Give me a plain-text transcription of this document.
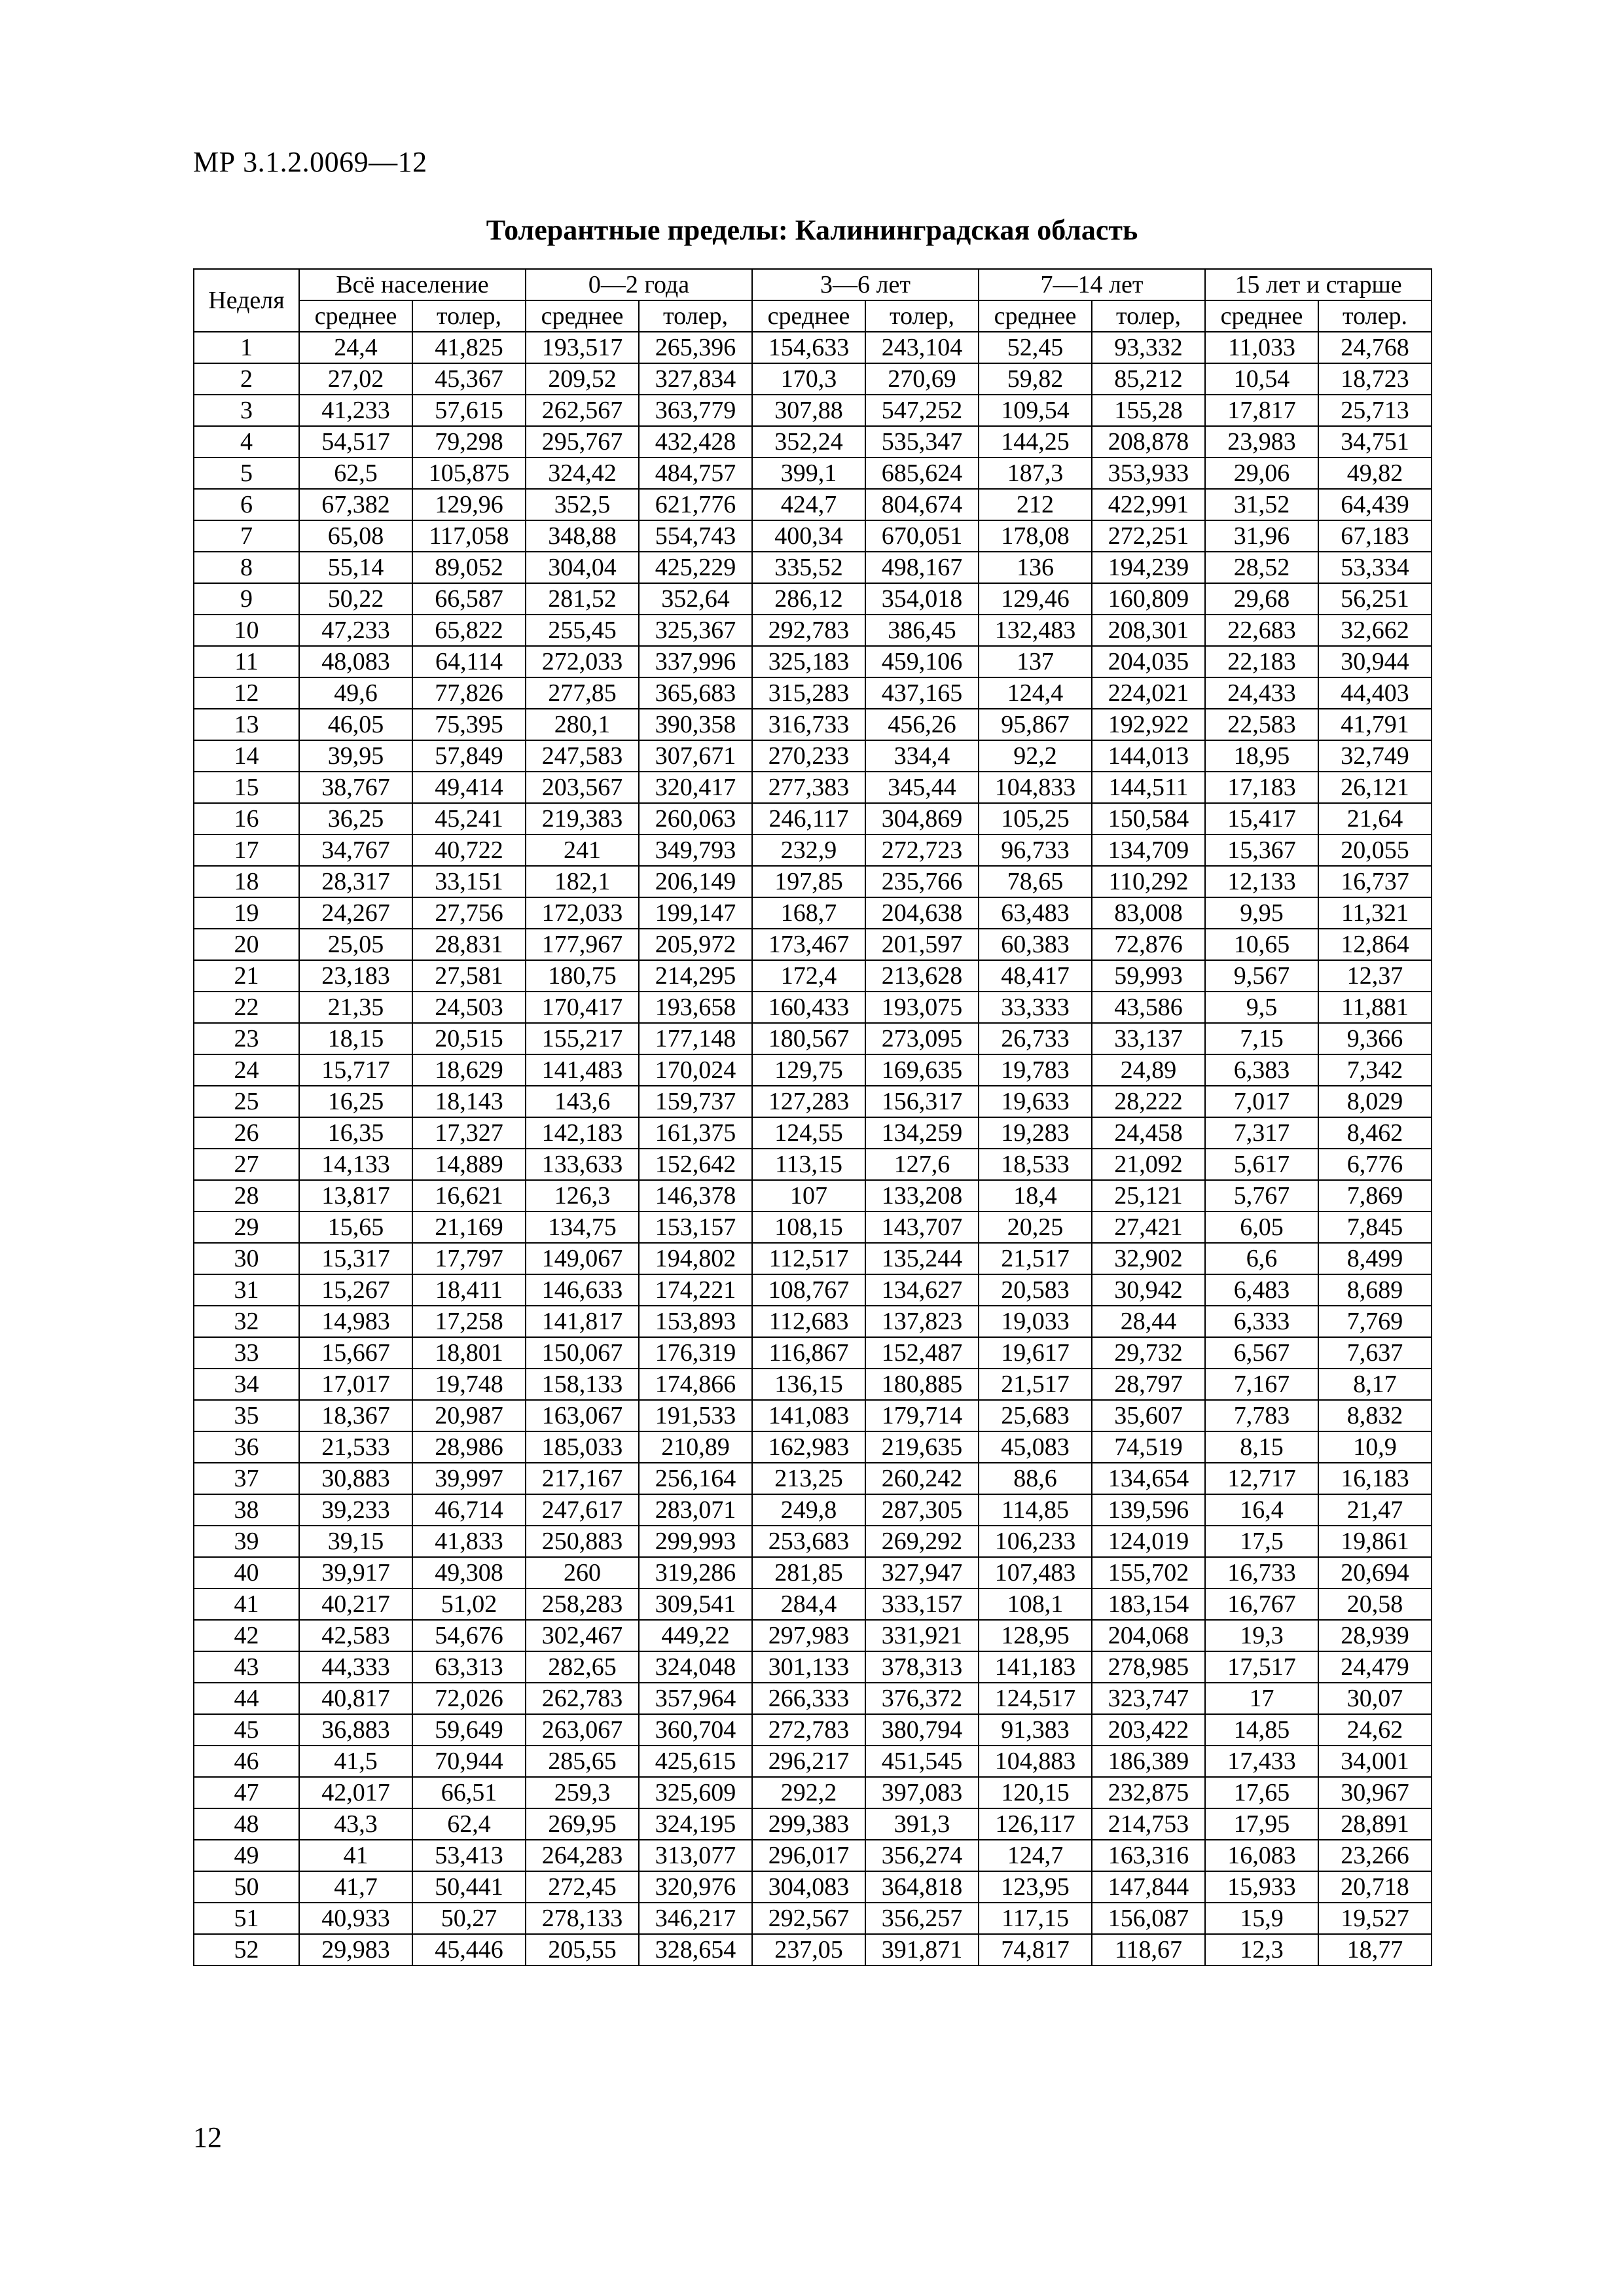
МР 3.1.2.0069—12
Толерантные пределы: Калининградская область
Неделя	Всё население		0—2 года		3—6 лет		7—14 лет		15 лет и старше	
	среднее	толер,	среднее	толер,	среднее	толер,	среднее	толер,	среднее	толер.
1	24,4	41,825	193,517	265,396	154,633	243,104	52,45	93,332	11,033	24,768
2	27,02	45,367	209,52	327,834	170,3	270,69	59,82	85,212	10,54	18,723
3	41,233	57,615	262,567	363,779	307,88	547,252	109,54	155,28	17,817	25,713
4	54,517	79,298	295,767	432,428	352,24	535,347	144,25	208,878	23,983	34,751
5	62,5	105,875	324,42	484,757	399,1	685,624	187,3	353,933	29,06	49,82
6	67,382	129,96	352,5	621,776	424,7	804,674	212	422,991	31,52	64,439
7	65,08	117,058	348,88	554,743	400,34	670,051	178,08	272,251	31,96	67,183
8	55,14	89,052	304,04	425,229	335,52	498,167	136	194,239	28,52	53,334
9	50,22	66,587	281,52	352,64	286,12	354,018	129,46	160,809	29,68	56,251
10	47,233	65,822	255,45	325,367	292,783	386,45	132,483	208,301	22,683	32,662
11	48,083	64,114	272,033	337,996	325,183	459,106	137	204,035	22,183	30,944
12	49,6	77,826	277,85	365,683	315,283	437,165	124,4	224,021	24,433	44,403
13	46,05	75,395	280,1	390,358	316,733	456,26	95,867	192,922	22,583	41,791
14	39,95	57,849	247,583	307,671	270,233	334,4	92,2	144,013	18,95	32,749
15	38,767	49,414	203,567	320,417	277,383	345,44	104,833	144,511	17,183	26,121
16	36,25	45,241	219,383	260,063	246,117	304,869	105,25	150,584	15,417	21,64
17	34,767	40,722	241	349,793	232,9	272,723	96,733	134,709	15,367	20,055
18	28,317	33,151	182,1	206,149	197,85	235,766	78,65	110,292	12,133	16,737
19	24,267	27,756	172,033	199,147	168,7	204,638	63,483	83,008	9,95	11,321
20	25,05	28,831	177,967	205,972	173,467	201,597	60,383	72,876	10,65	12,864
21	23,183	27,581	180,75	214,295	172,4	213,628	48,417	59,993	9,567	12,37
22	21,35	24,503	170,417	193,658	160,433	193,075	33,333	43,586	9,5	11,881
23	18,15	20,515	155,217	177,148	180,567	273,095	26,733	33,137	7,15	9,366
24	15,717	18,629	141,483	170,024	129,75	169,635	19,783	24,89	6,383	7,342
25	16,25	18,143	143,6	159,737	127,283	156,317	19,633	28,222	7,017	8,029
26	16,35	17,327	142,183	161,375	124,55	134,259	19,283	24,458	7,317	8,462
27	14,133	14,889	133,633	152,642	113,15	127,6	18,533	21,092	5,617	6,776
28	13,817	16,621	126,3	146,378	107	133,208	18,4	25,121	5,767	7,869
29	15,65	21,169	134,75	153,157	108,15	143,707	20,25	27,421	6,05	7,845
30	15,317	17,797	149,067	194,802	112,517	135,244	21,517	32,902	6,6	8,499
31	15,267	18,411	146,633	174,221	108,767	134,627	20,583	30,942	6,483	8,689
32	14,983	17,258	141,817	153,893	112,683	137,823	19,033	28,44	6,333	7,769
33	15,667	18,801	150,067	176,319	116,867	152,487	19,617	29,732	6,567	7,637
34	17,017	19,748	158,133	174,866	136,15	180,885	21,517	28,797	7,167	8,17
35	18,367	20,987	163,067	191,533	141,083	179,714	25,683	35,607	7,783	8,832
36	21,533	28,986	185,033	210,89	162,983	219,635	45,083	74,519	8,15	10,9
37	30,883	39,997	217,167	256,164	213,25	260,242	88,6	134,654	12,717	16,183
38	39,233	46,714	247,617	283,071	249,8	287,305	114,85	139,596	16,4	21,47
39	39,15	41,833	250,883	299,993	253,683	269,292	106,233	124,019	17,5	19,861
40	39,917	49,308	260	319,286	281,85	327,947	107,483	155,702	16,733	20,694
41	40,217	51,02	258,283	309,541	284,4	333,157	108,1	183,154	16,767	20,58
42	42,583	54,676	302,467	449,22	297,983	331,921	128,95	204,068	19,3	28,939
43	44,333	63,313	282,65	324,048	301,133	378,313	141,183	278,985	17,517	24,479
44	40,817	72,026	262,783	357,964	266,333	376,372	124,517	323,747	17	30,07
45	36,883	59,649	263,067	360,704	272,783	380,794	91,383	203,422	14,85	24,62
46	41,5	70,944	285,65	425,615	296,217	451,545	104,883	186,389	17,433	34,001
47	42,017	66,51	259,3	325,609	292,2	397,083	120,15	232,875	17,65	30,967
48	43,3	62,4	269,95	324,195	299,383	391,3	126,117	214,753	17,95	28,891
49	41	53,413	264,283	313,077	296,017	356,274	124,7	163,316	16,083	23,266
50	41,7	50,441	272,45	320,976	304,083	364,818	123,95	147,844	15,933	20,718
51	40,933	50,27	278,133	346,217	292,567	356,257	117,15	156,087	15,9	19,527
52	29,983	45,446	205,55	328,654	237,05	391,871	74,817	118,67	12,3	18,77
12
